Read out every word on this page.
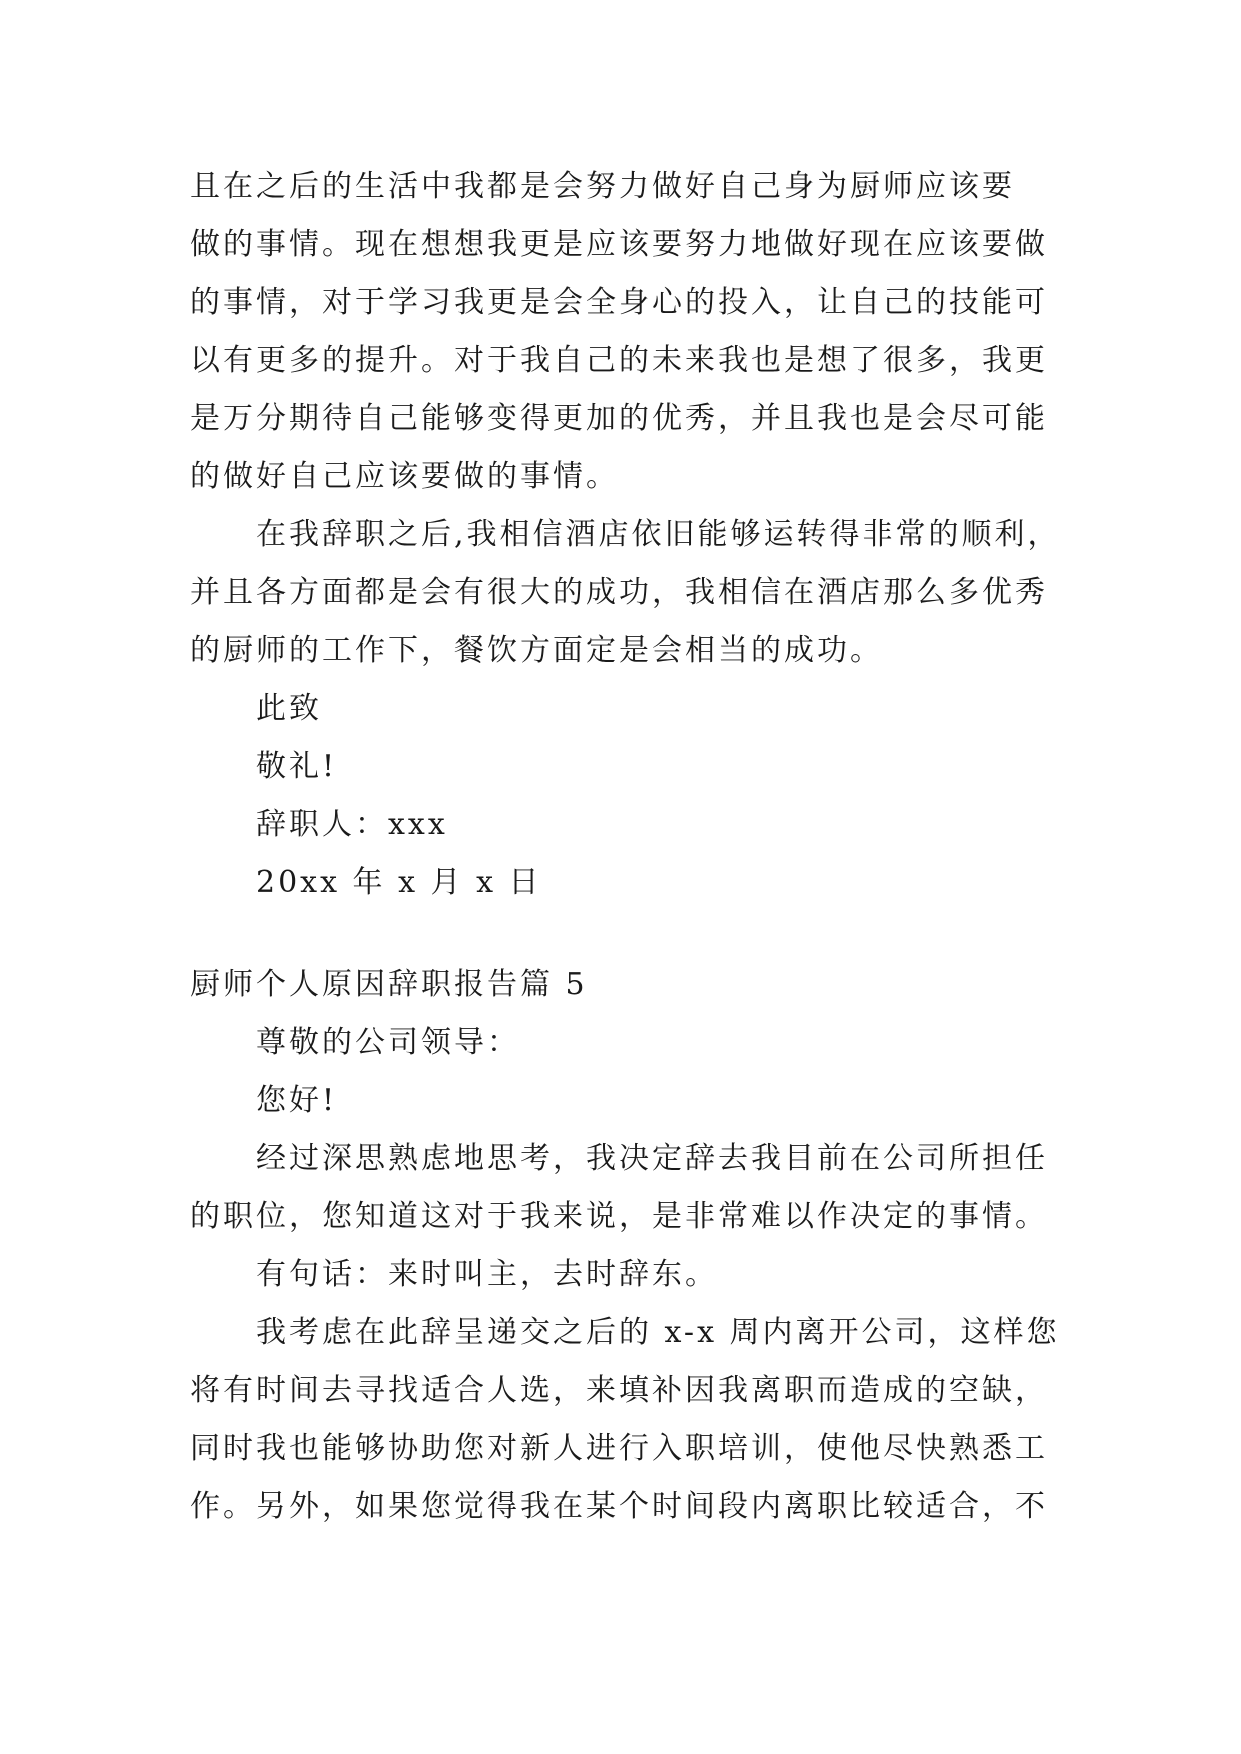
且在之后的生活中我都是会努力做好自己身为厨师应该要
做的事情。现在想想我更是应该要努力地做好现在应该要做
的事情，对于学习我更是会全身心的投入，让自己的技能可
以有更多的提升。对于我自己的未来我也是想了很多，我更
是万分期待自己能够变得更加的优秀，并且我也是会尽可能
的做好自己应该要做的事情。
在我辞职之后,我相信酒店依旧能够运转得非常的顺利，
并且各方面都是会有很大的成功，我相信在酒店那么多优秀
的厨师的工作下，餐饮方面定是会相当的成功。
此致
敬礼!
辞职人：xxx
20xx 年 x 月 x 日
厨师个人原因辞职报告篇 5
尊敬的公司领导：
您好!
经过深思熟虑地思考，我决定辞去我目前在公司所担任
的职位，您知道这对于我来说，是非常难以作决定的事情。
有句话：来时叫主，去时辞东。
我考虑在此辞呈递交之后的 x-x 周内离开公司，这样您
将有时间去寻找适合人选，来填补因我离职而造成的空缺，
同时我也能够协助您对新人进行入职培训，使他尽快熟悉工
作。另外，如果您觉得我在某个时间段内离职比较适合，不
